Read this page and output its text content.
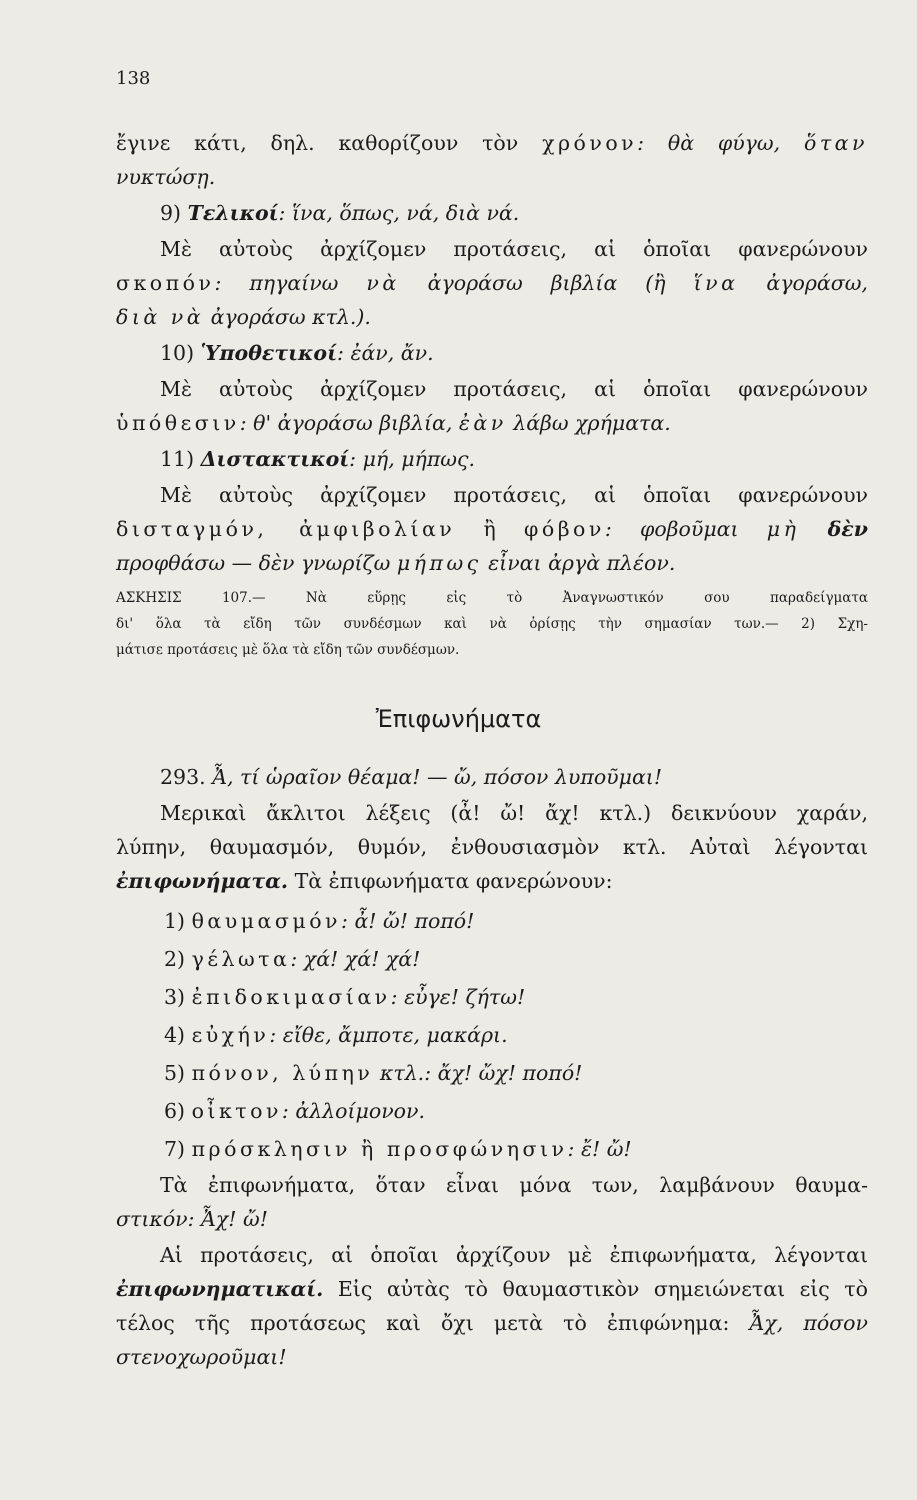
138
ἔγινε κάτι, δηλ. καθορίζουν τὸν χρόνον: θὰ φύγω, ὅταν
νυκτώσῃ.
9) Τελικοί: ἵνα, ὅπως, νά, διὰ νά.
Μὲ αὐτοὺς ἀρχίζομεν προτάσεις, αἱ ὁποῖαι φανερώνουν
σκοπόν: πηγαίνω νὰ ἀγοράσω βιβλία (ἢ ἵνα ἀγοράσω,
διὰ νὰ ἀγοράσω κτλ.).
10) Ὑποθετικοί: ἐάν, ἄν.
Μὲ αὐτοὺς ἀρχίζομεν προτάσεις, αἱ ὁποῖαι φανερώνουν
ὑπόθεσιν: θ' ἀγοράσω βιβλία, ἐὰν λάβω χρήματα.
11) Διστακτικοί: μή, μήπως.
Μὲ αὐτοὺς ἀρχίζομεν προτάσεις, αἱ ὁποῖαι φανερώνουν
δισταγμόν, ἀμφιβολίαν ἢ φόβον: φοβοῦμαι μὴ δὲν
προφθάσω — δὲν γνωρίζω μήπως εἶναι ἀργὰ πλέον.
ΑΣΚΗΣΙΣ 107.— Νὰ εὕρῃς εἰς τὸ Ἀναγνωστικόν σου παραδείγματα
δι' ὅλα τὰ εἴδη τῶν συνδέσμων καὶ νὰ ὁρίσῃς τὴν σημασίαν των.— 2) Σχη-
μάτισε προτάσεις μὲ ὅλα τὰ εἴδη τῶν συνδέσμων.
Ἐπιφωνήματα
293. Ἆ, τί ὡραῖον θέαμα! — ὤ, πόσον λυποῦμαι!
Μερικαὶ ἄκλιτοι λέξεις (ἆ! ὤ! ἄχ! κτλ.) δεικνύουν χαράν,
λύπην, θαυμασμόν, θυμόν, ἐνθουσιασμὸν κτλ. Αὐταὶ λέγονται
ἐπιφωνήματα. Τὰ ἐπιφωνήματα φανερώνουν:
1) θαυμασμόν: ἆ! ὤ! ποπό!
2) γέλωτα: χά! χά! χά!
3) ἐπιδοκιμασίαν: εὖγε! ζήτω!
4) εὐχήν: εἴθε, ἄμποτε, μακάρι.
5) πόνον, λύπην κτλ.: ἄχ! ὤχ! ποπό!
6) οἶκτον: ἀλλοίμονον.
7) πρόσκλησιν ἢ προσφώνησιν: ἔ! ὤ!
Τὰ ἐπιφωνήματα, ὅταν εἶναι μόνα των, λαμβάνουν θαυμα-
στικόν: Ἆχ! ὤ!
Αἱ προτάσεις, αἱ ὁποῖαι ἀρχίζουν μὲ ἐπιφωνήματα, λέγονται
ἐπιφωνηματικαί. Εἰς αὐτὰς τὸ θαυμαστικὸν σημειώνεται εἰς τὸ
τέλος τῆς προτάσεως καὶ ὄχι μετὰ τὸ ἐπιφώνημα: Ἆχ, πόσον
στενοχωροῦμαι!
